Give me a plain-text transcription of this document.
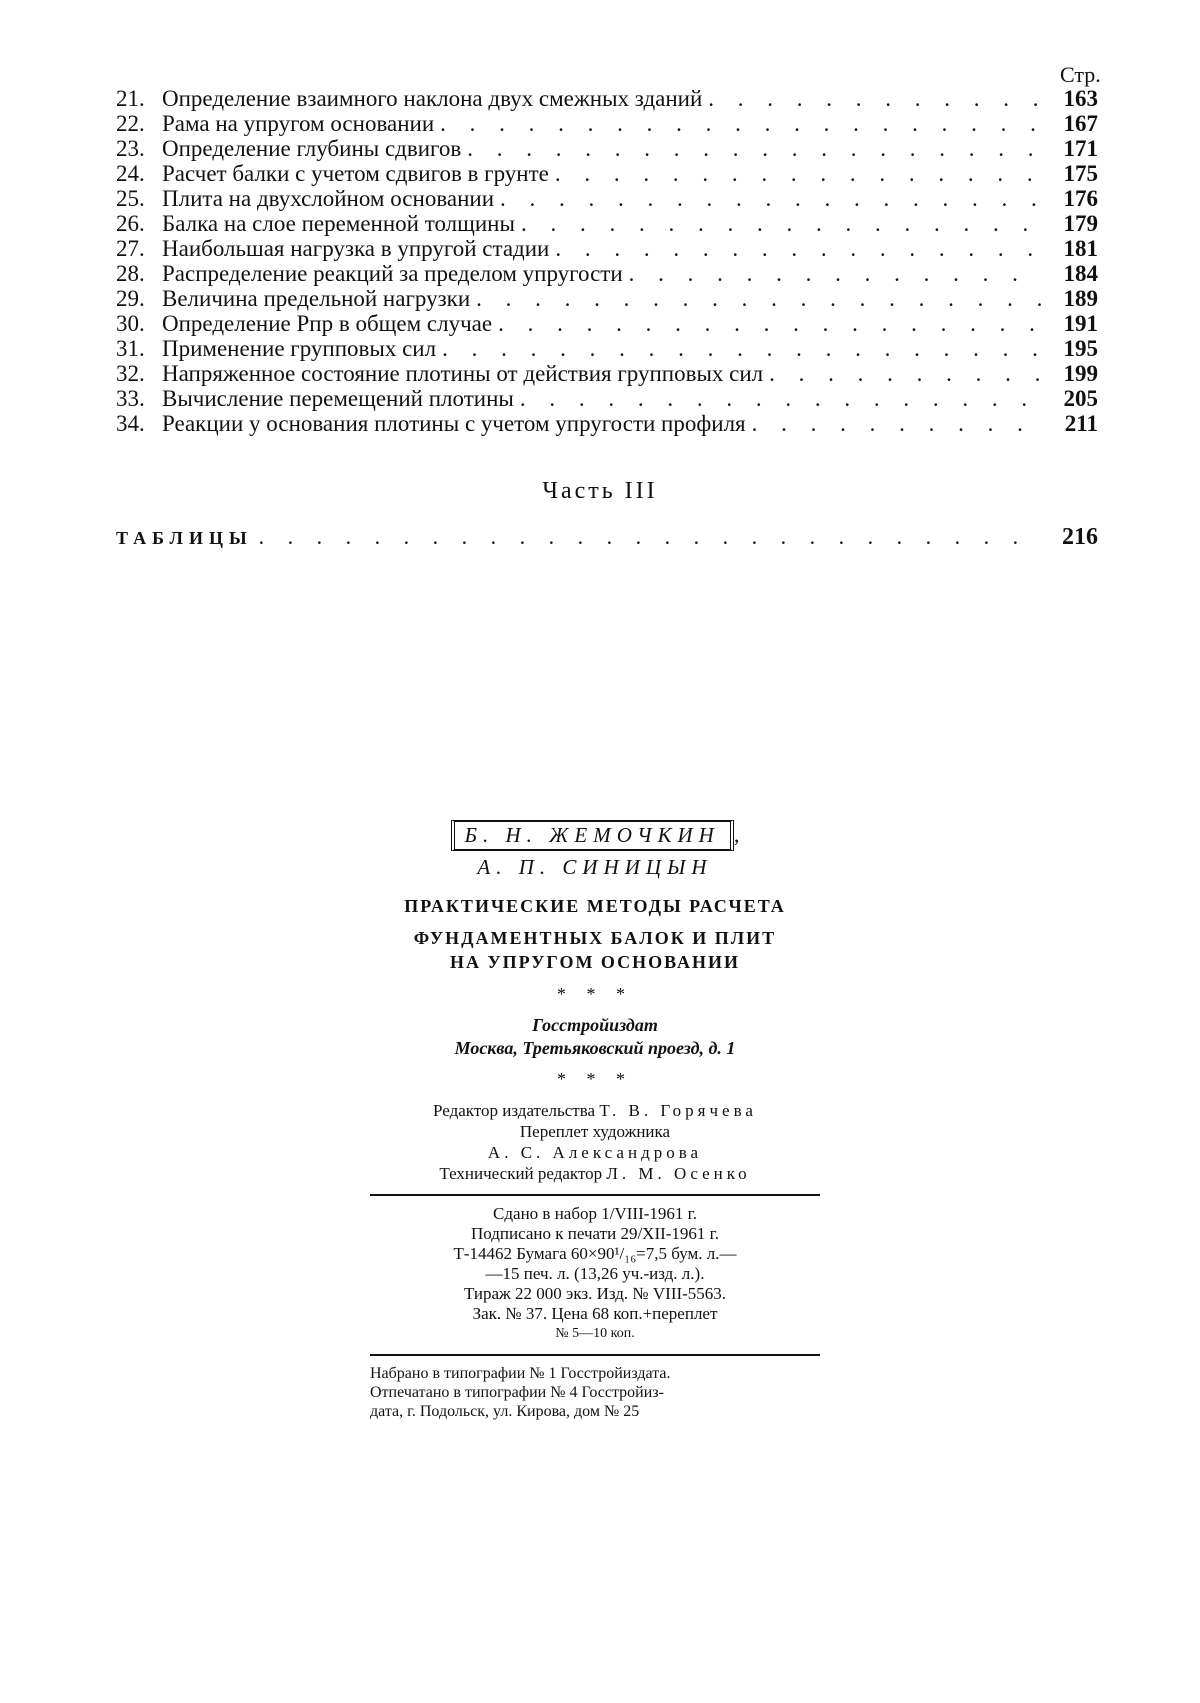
Стр.
21. Определение взаимного наклона двух смежных зданий . . .	163
22. Рама на упругом основании . . .	167
23. Определение глубины сдвигов . . .	171
24. Расчет балки с учетом сдвигов в грунте . . .	175
25. Плита на двухслойном основании . . .	176
26. Балка на слое переменной толщины . . .	179
27. Наибольшая нагрузка в упругой стадии . . .	181
28. Распределение реакций за пределом упругости . . .	184
29. Величина предельной нагрузки . . .	189
30. Определение Pпр в общем случае . . .	191
31. Применение групповых сил . . .	195
32. Напряженное состояние плотины от действия групповых сил . . .	199
33. Вычисление перемещений плотины . . .	205
34. Реакции у основания плотины с учетом упругости профиля . . .	211
Часть III
ТАБЛИЦЫ . . .	216
Б. Н. ЖЕМОЧКИН ,
А. П. СИНИЦЫН
ПРАКТИЧЕСКИЕ МЕТОДЫ РАСЧЕТА
ФУНДАМЕНТНЫХ БАЛОК И ПЛИТ
НА УПРУГОМ ОСНОВАНИИ
* * *
Госстройиздат
Москва, Третьяковский проезд, д. 1
* * *
Редактор издательства Т. В. Горячева
Переплет художника
А. С. Александрова
Технический редактор Л. М. Осенко
Сдано в набор 1/VIII-1961 г.
Подписано к печати 29/XII-1961 г.
Т-14462 Бумага 60×90¹/₁₆=7,5 бум. л.—
—15 печ. л. (13,26 уч.-изд. л.).
Тираж 22 000 экз. Изд. № VIII-5563.
Зак. № 37. Цена 68 коп.+переплет
№ 5—10 коп.
Набрано в типографии № 1 Госстройиздата.
Отпечатано в типографии № 4 Госстройиз-
дата, г. Подольск, ул. Кирова, дом № 25
